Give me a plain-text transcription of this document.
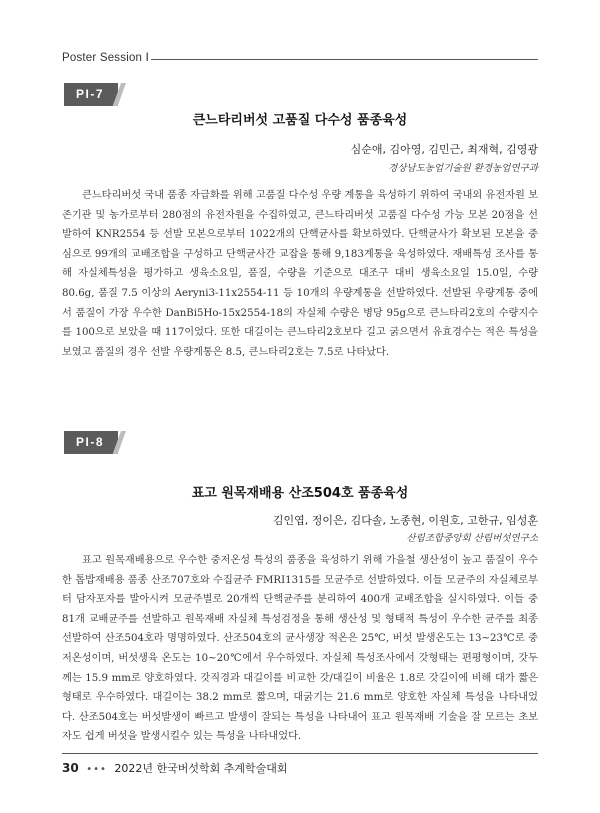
Poster Session Ⅰ
PI-7
큰느타리버섯 고품질 다수성 품종육성
심순애, 김아영, 김민근, 최재혁, 김영광
경상남도농업기술원 환경농업연구과

큰느타리버섯 국내 품종 자급화를 위해 고품질 다수성 우량 계통을 육성하기 위하여 국내외 유전자원 보존기관 및 농가로부터 280점의 유전자원을 수집하였고, 큰느타리버섯 고품질 다수성 가능 모본 20점을 선발하여 KNR2554 등 선발 모본으로부터 1022개의 단핵균사를 확보하였다. 단핵균사가 확보된 모본을 중심으로 99개의 교배조합을 구성하고 단핵균사간 교잡을 통해 9,183계통을 육성하였다. 재배특성 조사를 통해 자실체특성을 평가하고 생육소요일, 품질, 수량을 기준으로 대조구 대비 생육소요일 15.0일, 수량 80.6g, 품질 7.5 이상의 Aeryni3-11x2554-11 등 10개의 우량계통을 선발하였다. 선발된 우량계통 중에서 품질이 가장 우수한 DanBi5Ho-15x2554-18의 자실체 수량은 병당 95g으로 큰느타리2호의 수량지수를 100으로 보았을 때 117이었다. 또한 대길이는 큰느타리2호보다 길고 굵으면서 유효경수는 적은 특성을 보였고 품질의 경우 선발 우량계통은 8.5, 큰느타리2호는 7.5로 나타났다.

PI-8
표고 원목재배용 산조504호 품종육성
김인엽, 정이은, 김다솔, 노종현, 이원호, 고한규, 임성훈
산림조합중앙회 산림버섯연구소

표고 원목재배용으로 우수한 중저온성 특성의 품종을 육성하기 위해 가을철 생산성이 높고 품질이 우수한 톱밥재배용 품종 산조707호와 수집균주 FMRI1315를 모균주로 선발하였다. 이들 모균주의 자실체로부터 담자포자를 발아시켜 모균주별로 20개씩 단핵균주를 분리하여 400개 교배조합을 실시하였다. 이들 중 81개 교배균주를 선발하고 원목재배 자실체 특성검정을 통해 생산성 및 형태적 특성이 우수한 균주를 최종 선발하여 산조504호라 명명하였다. 산조504호의 균사생장 적온은 25℃, 버섯 발생온도는 13~23℃로 중저온성이며, 버섯생육 온도는 10~20℃에서 우수하였다. 자실체 특성조사에서 갓형태는 편평형이며, 갓두께는 15.9 mm로 양호하였다. 갓직경과 대길이를 비교한 갓/대길이 비율은 1.8로 갓길이에 비해 대가 짧은 형태로 우수하였다. 대길이는 38.2 mm로 짧으며, 대굵기는 21.6 mm로 양호한 자실체 특성을 나타내었다. 산조504호는 버섯발생이 빠르고 발생이 잘되는 특성을 나타내어 표고 원목재배 기술을 잘 모르는 초보자도 쉽게 버섯을 발생시킬수 있는 특성을 나타내었다.

30 ••• 2022년 한국버섯학회 추계학술대회
